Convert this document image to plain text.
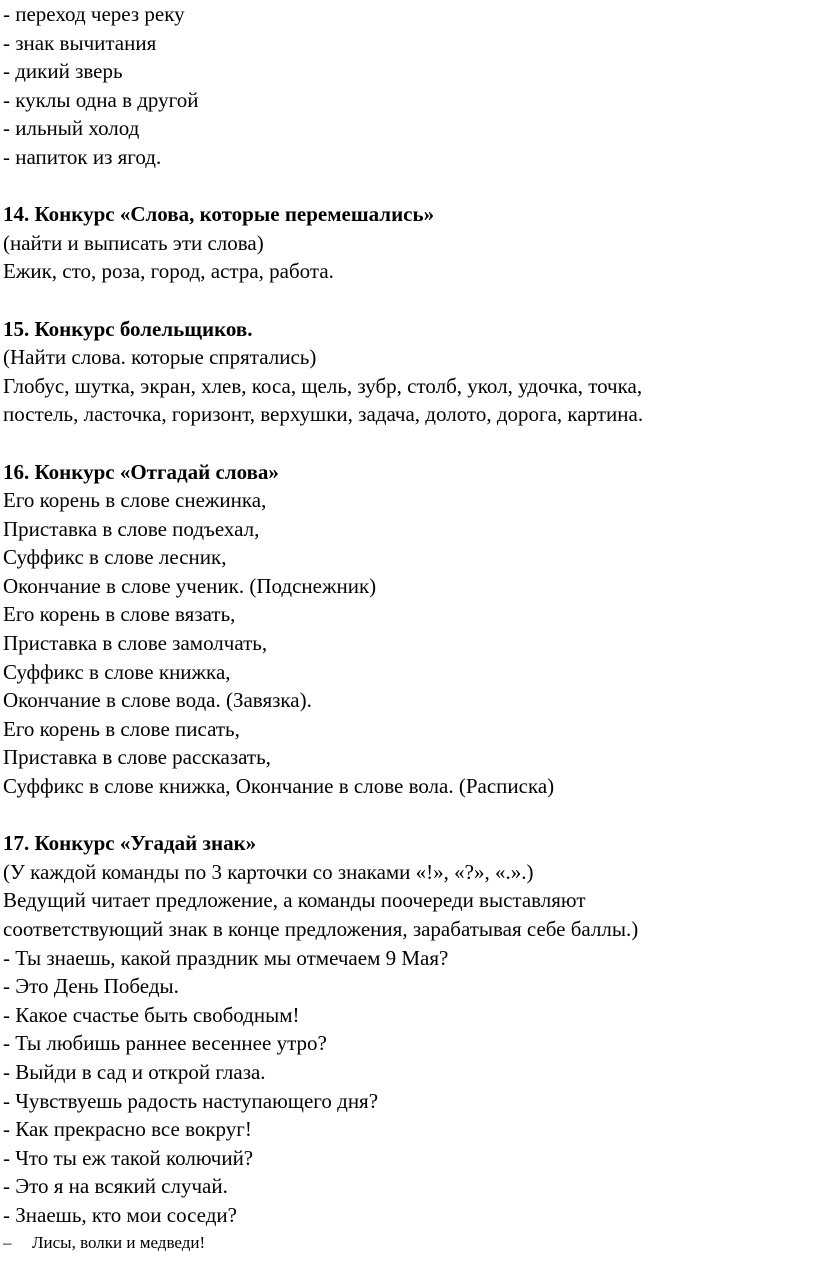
- переход через реку

- знак вычитания

- дикий зверь

- куклы одна в другой

- ильный холод

- напиток из ягод.

14. Конкурс «Слова, которые перемешались»

(найти и выписать эти слова)

Ежик, сто, роза, город, астра, работа.

15. Конкурс болельщиков.

(Найти слова. которые спрятались)

Глобус, шутка, экран, хлев, коса, щель, зубр, столб, укол, удочка, точка,

постель, ласточка, горизонт, верхушки, задача, долото, дорога, картина.

16. Конкурс «Отгадай слова»

Его корень в слове снежинка,

Приставка в слове подъехал,

Суффикс в слове лесник,

Окончание в слове ученик. (Подснежник)

Его корень в слове вязать,

Приставка в слове замолчать,

Суффикс в слове книжка,

Окончание в слове вода. (Завязка).

Его корень в слове писать,

Приставка в слове рассказать,

Суффикс в слове книжка, Окончание в слове вола. (Расписка)

17. Конкурс «Угадай знак»

(У каждой команды по 3 карточки со знаками «!», «?», «.».)

Ведущий читает предложение, а команды поочереди выставляют

соответствующий знак в конце предложения, зарабатывая себе баллы.)

- Ты знаешь, какой праздник мы отмечаем 9 Мая?

- Это День Победы.

- Какое счастье быть свободным!

- Ты любишь раннее весеннее утро?

- Выйди в сад и открой глаза.

- Чувствуешь радость наступающего дня?

- Как прекрасно все вокруг!

- Что ты еж такой колючий?

- Это я на всякий случай.

- Знаешь, кто мои соседи?

– Лисы, волки и медведи!
